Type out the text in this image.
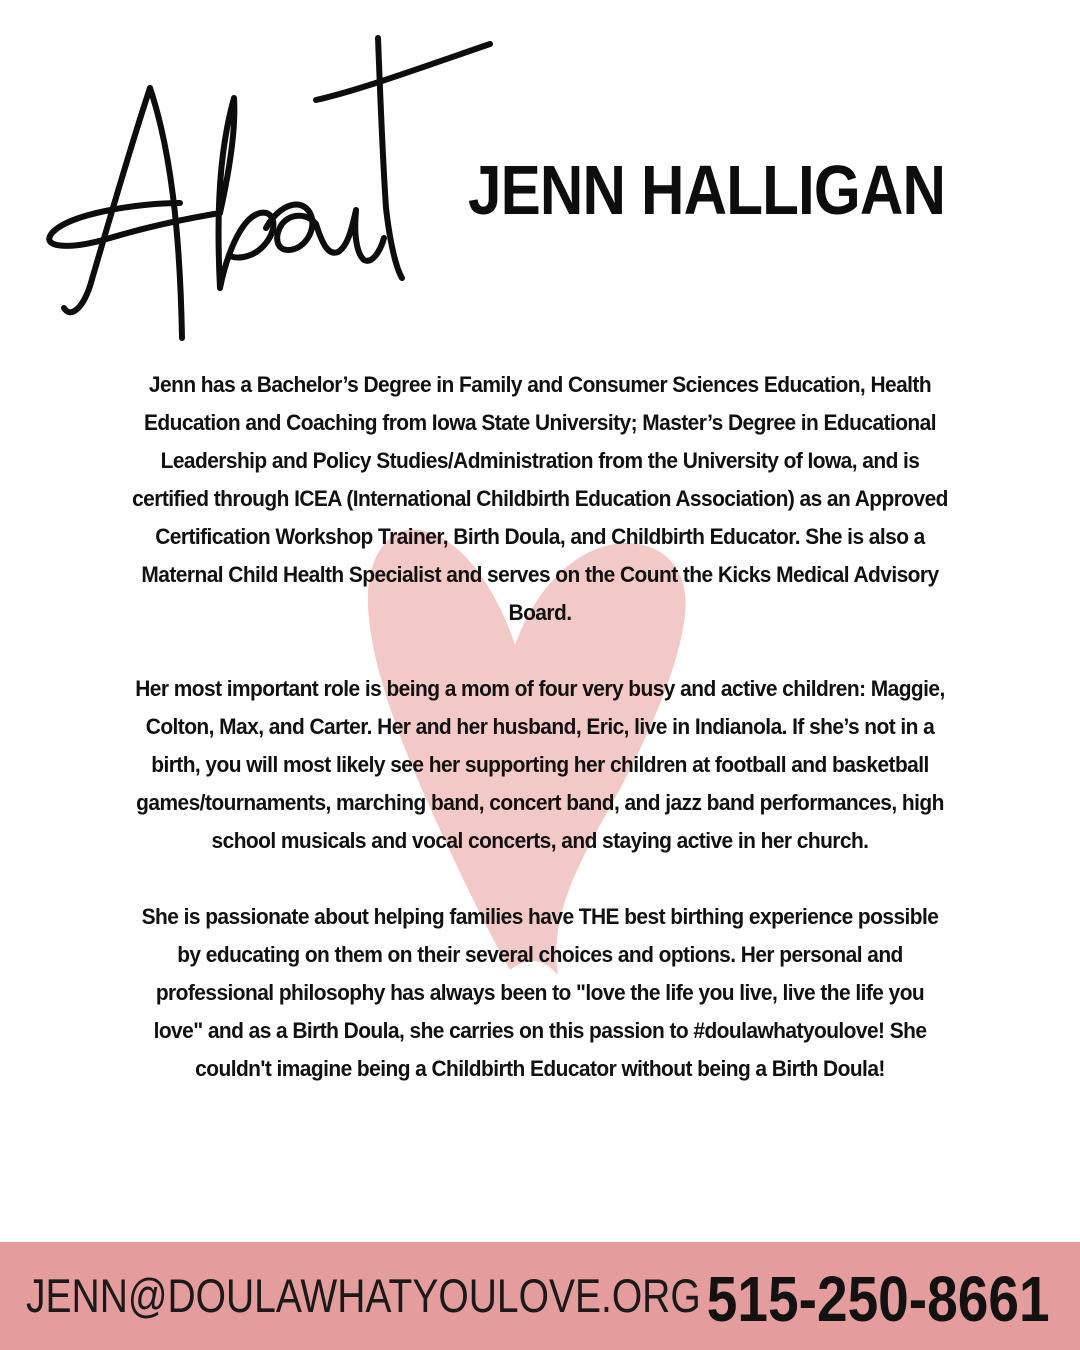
JENN HALLIGAN

Jenn has a Bachelor’s Degree in Family and Consumer Sciences Education, Health Education and Coaching from Iowa State University; Master’s Degree in Educational Leadership and Policy Studies/Administration from the University of Iowa, and is certified through ICEA (International Childbirth Education Association) as an Approved Certification Workshop Trainer, Birth Doula, and Childbirth Educator. She is also a Maternal Child Health Specialist and serves on the Count the Kicks Medical Advisory Board.

Her most important role is being a mom of four very busy and active children: Maggie, Colton, Max, and Carter. Her and her husband, Eric, live in Indianola. If she’s not in a birth, you will most likely see her supporting her children at football and basketball games/tournaments, marching band, concert band, and jazz band performances, high school musicals and vocal concerts, and staying active in her church.

She is passionate about helping families have THE best birthing experience possible by educating on them on their several choices and options. Her personal and professional philosophy has always been to "love the life you live, live the life you love" and as a Birth Doula, she carries on this passion to #doulawhatyoulove! She couldn't imagine being a Childbirth Educator without being a Birth Doula!

JENN@DOULAWHATYOULOVE.ORG 515-250-8661
